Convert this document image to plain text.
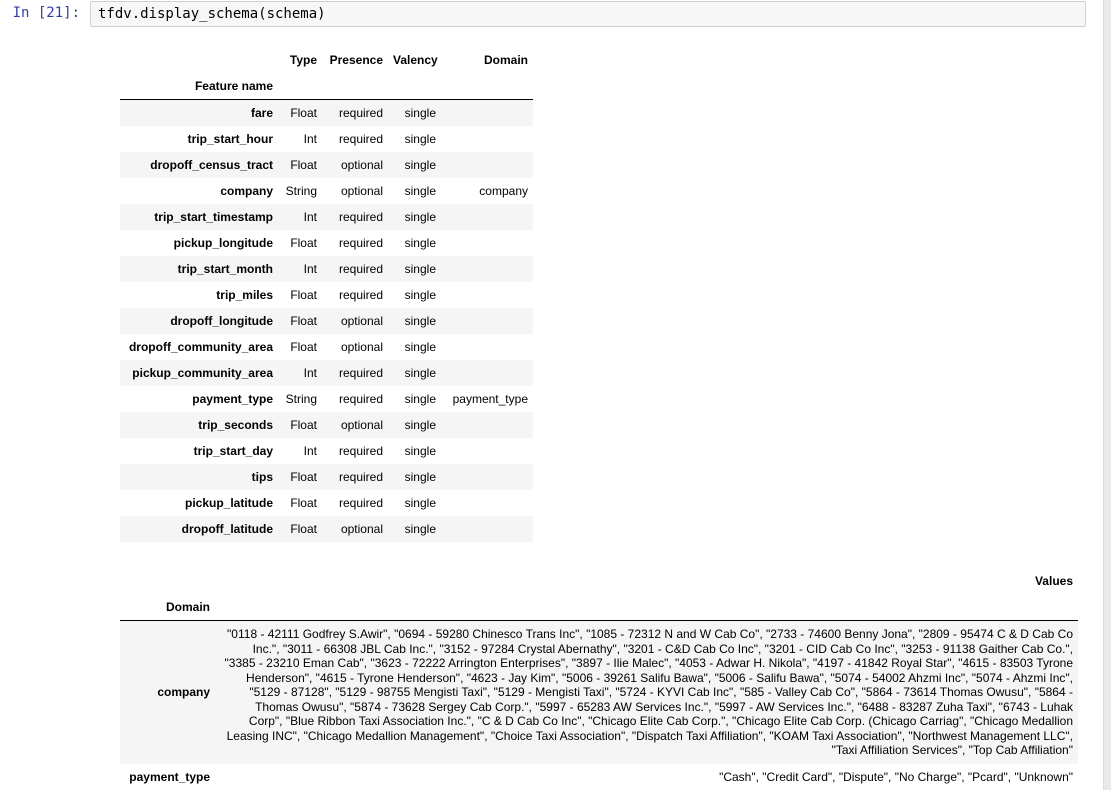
In [21]:	tfdv.display_schema(schema)
	Type	Presence	Valency	Domain
Feature name				
fare	Float	required	single	
trip_start_hour	Int	required	single	
dropoff_census_tract	Float	optional	single	
company	String	optional	single	company
trip_start_timestamp	Int	required	single	
pickup_longitude	Float	required	single	
trip_start_month	Int	required	single	
trip_miles	Float	required	single	
dropoff_longitude	Float	optional	single	
dropoff_community_area	Float	optional	single	
pickup_community_area	Int	required	single	
payment_type	String	required	single	payment_type
trip_seconds	Float	optional	single	
trip_start_day	Int	required	single	
tips	Float	required	single	
pickup_latitude	Float	required	single	
dropoff_latitude	Float	optional	single	
	Values
Domain	
company	"0118 - 42111 Godfrey S.Awir", "0694 - 59280 Chinesco Trans Inc", "1085 - 72312 N and W Cab Co", "2733 - 74600 Benny Jona", "2809 - 95474 C & D Cab Co Inc.", "3011 - 66308 JBL Cab Inc.", "3152 - 97284 Crystal Abernathy", "3201 - C&D Cab Co Inc", "3201 - CID Cab Co Inc", "3253 - 91138 Gaither Cab Co.", "3385 - 23210 Eman Cab", "3623 - 72222 Arrington Enterprises", "3897 - Ilie Malec", "4053 - Adwar H. Nikola", "4197 - 41842 Royal Star", "4615 - 83503 Tyrone Henderson", "4615 - Tyrone Henderson", "4623 - Jay Kim", "5006 - 39261 Salifu Bawa", "5006 - Salifu Bawa", "5074 - 54002 Ahzmi Inc", "5074 - Ahzmi Inc", "5129 - 87128", "5129 - 98755 Mengisti Taxi", "5129 - Mengisti Taxi", "5724 - KYVI Cab Inc", "585 - Valley Cab Co", "5864 - 73614 Thomas Owusu", "5864 - Thomas Owusu", "5874 - 73628 Sergey Cab Corp.", "5997 - 65283 AW Services Inc.", "5997 - AW Services Inc.", "6488 - 83287 Zuha Taxi", "6743 - Luhak Corp", "Blue Ribbon Taxi Association Inc.", "C & D Cab Co Inc", "Chicago Elite Cab Corp.", "Chicago Elite Cab Corp. (Chicago Carriag", "Chicago Medallion Leasing INC", "Chicago Medallion Management", "Choice Taxi Association", "Dispatch Taxi Affiliation", "KOAM Taxi Association", "Northwest Management LLC", "Taxi Affiliation Services", "Top Cab Affiliation"
payment_type	"Cash", "Credit Card", "Dispute", "No Charge", "Pcard", "Unknown"
